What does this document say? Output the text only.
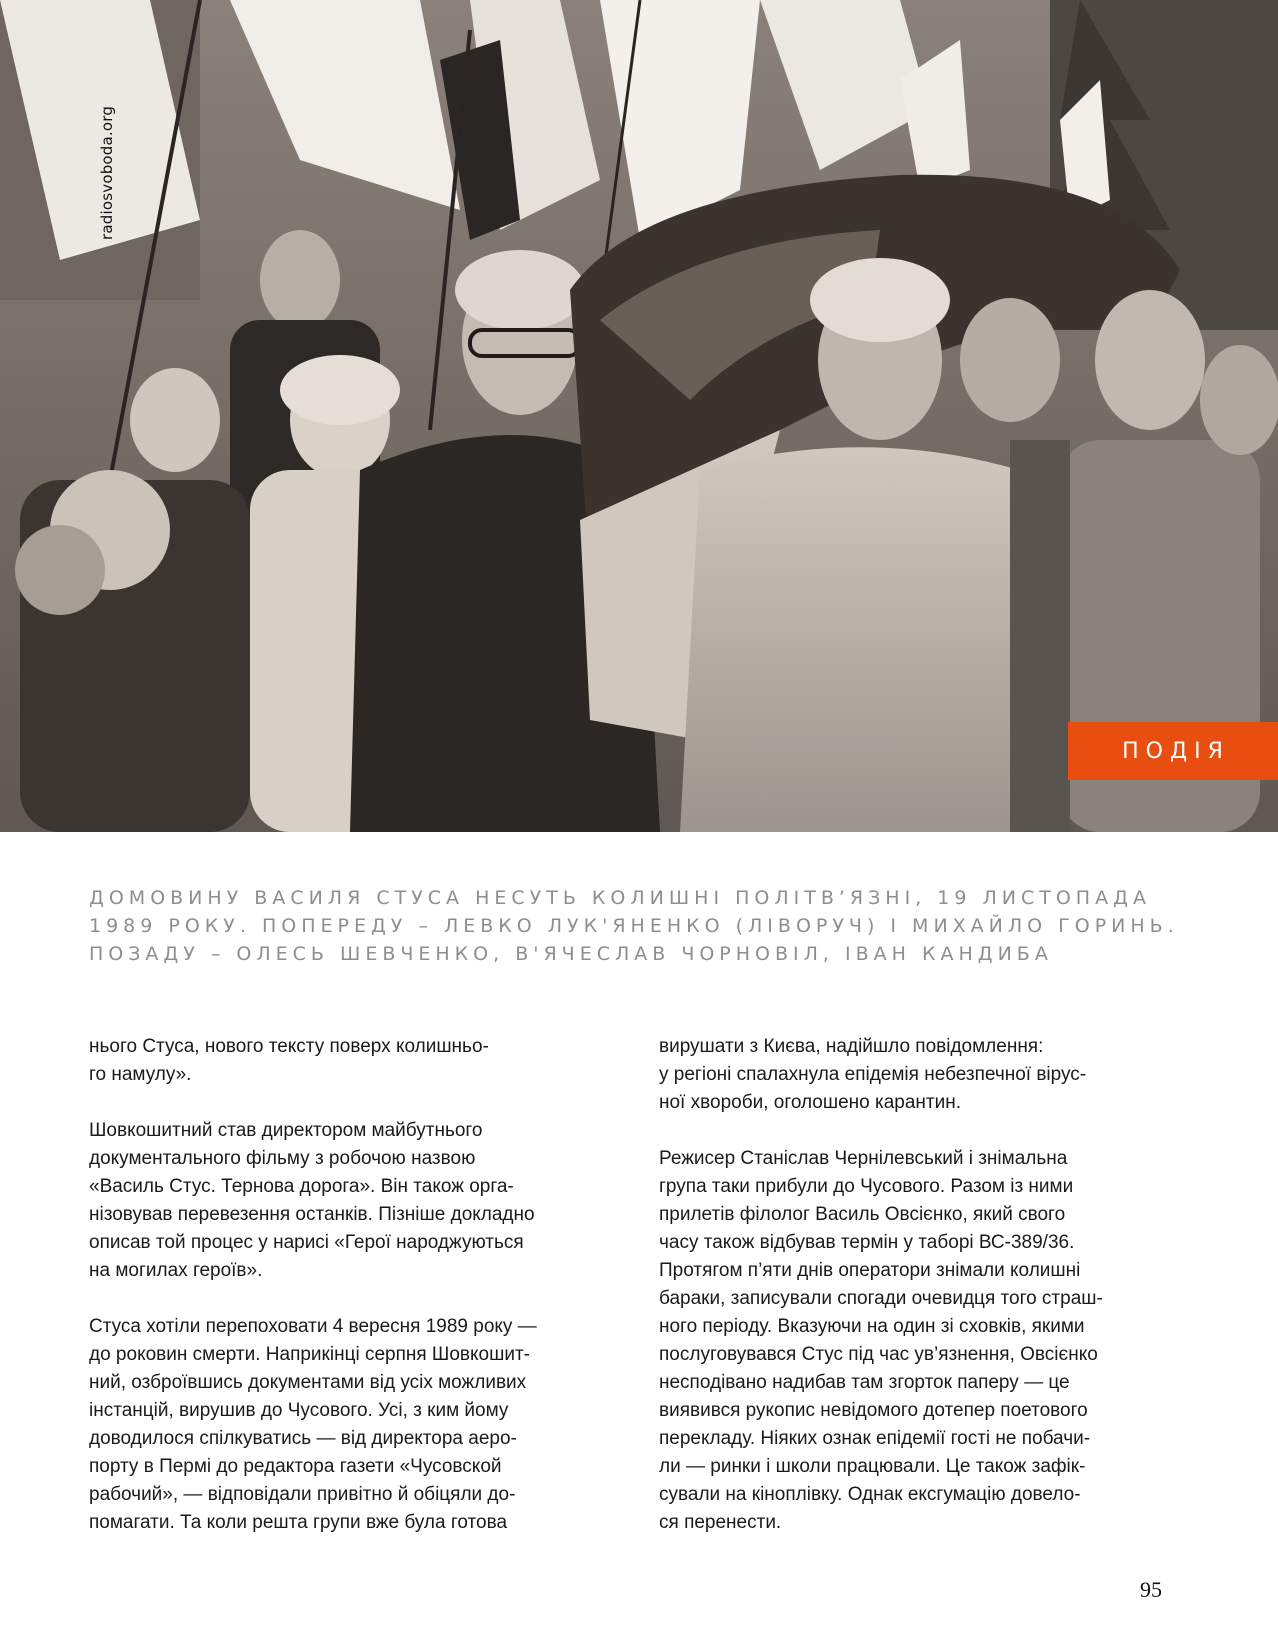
radiosvoboda.org
ПОДІЯ
ДОМОВИНУ ВАСИЛЯ СТУСА НЕСУТЬ КОЛИШНІ ПОЛІТВ’ЯЗНІ, 19 ЛИСТОПАДА
1989 РОКУ. ПОПЕРЕДУ – ЛЕВКО ЛУК'ЯНЕНКО (ЛІВОРУЧ) І МИХАЙЛО ГОРИНЬ.
ПОЗАДУ – ОЛЕСЬ ШЕВЧЕНКО, В'ЯЧЕСЛАВ ЧОРНОВІЛ, ІВАН КАНДИБА
нього Стуса, нового тексту поверх колишньо-
го намулу».
Шовкошитний став директором майбутнього
документального фільму з робочою назвою
«Василь Стус. Тернова дорога». Він також орга-
нізовував перевезення останків. Пізніше докладно
описав той процес у нарисі «Герої народжуються
на могилах героїв».
Стуса хотіли перепоховати 4 вересня 1989 року —
до роковин смерти. Наприкінці серпня Шовкошит-
ний, озброївшись документами від усіх можливих
інстанцій, вирушив до Чусового. Усі, з ким йому
доводилося спілкуватись — від директора аеро-
порту в Пермі до редактора газети «Чусовской
рабочий», — відповідали привітно й обіцяли до-
помагати. Та коли решта групи вже була готова
вирушати з Києва, надійшло повідомлення:
у регіоні спалахнула епідемія небезпечної вірус-
ної хвороби, оголошено карантин.
Режисер Станіслав Чернілевський і знімальна
група таки прибули до Чусового. Разом із ними
прилетів філолог Василь Овсієнко, який свого
часу також відбував термін у таборі ВС-389/36.
Протягом п’яти днів оператори знімали колишні
бараки, записували спогади очевидця того страш-
ного періоду. Вказуючи на один зі сховків, якими
послуговувався Стус під час ув’язнення, Овсієнко
несподівано надибав там згорток паперу — це
виявився рукопис невідомого дотепер поетового
перекладу. Ніяких ознак епідемії гості не побачи-
ли — ринки і школи працювали. Це також зафік-
сували на кіноплівку. Однак ексгумацію довело-
ся перенести.
95
